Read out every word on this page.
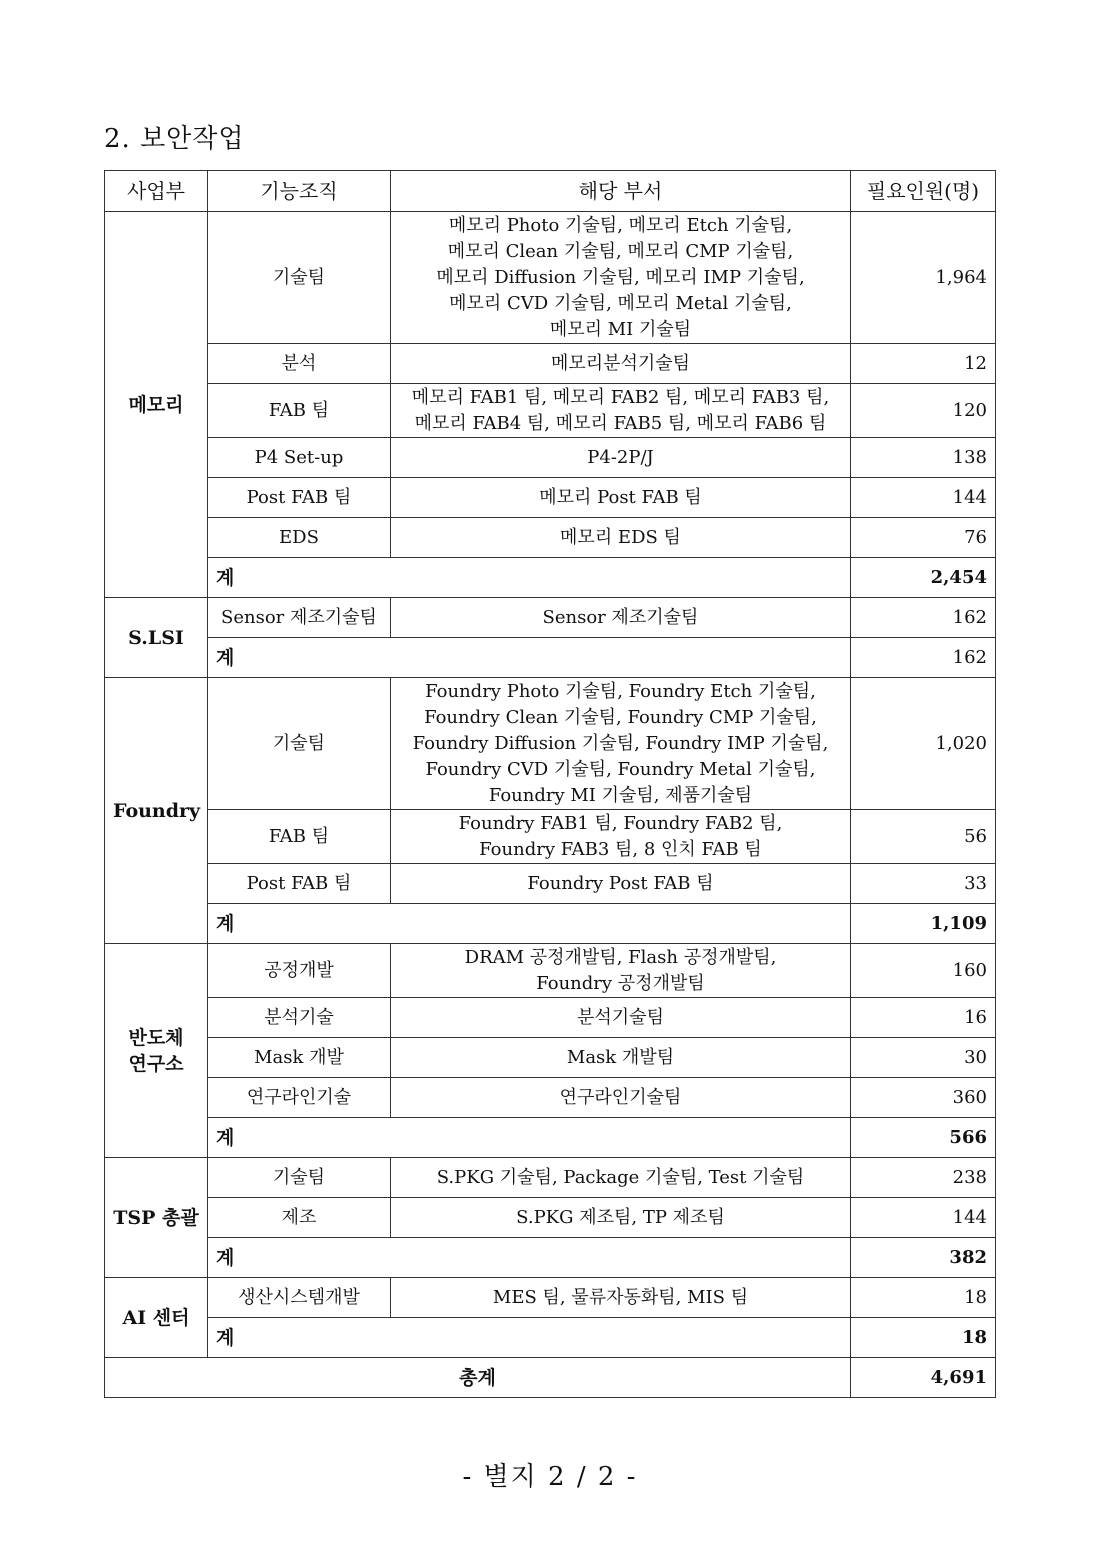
2. 보안작업
사업부	기능조직	해당 부서	필요인원(명)

메모리	기술팀	메모리 Photo 기술팀, 메모리 Etch 기술팀,
메모리 Clean 기술팀, 메모리 CMP 기술팀,
메모리 Diffusion 기술팀, 메모리 IMP 기술팀,
메모리 CVD 기술팀, 메모리 Metal 기술팀,
메모리 MI 기술팀	1,964
	분석	메모리분석기술팀	12
	FAB 팀	메모리 FAB1 팀, 메모리 FAB2 팀, 메모리 FAB3 팀,
메모리 FAB4 팀, 메모리 FAB5 팀, 메모리 FAB6 팀	120
	P4 Set-up	P4-2P/J	138
	Post FAB 팀	메모리 Post FAB 팀	144
	EDS	메모리 EDS 팀	76
	계		2,454

S.LSI	Sensor 제조기술팀	Sensor 제조기술팀	162
	계		162

Foundry	기술팀	Foundry Photo 기술팀, Foundry Etch 기술팀,
Foundry Clean 기술팀, Foundry CMP 기술팀,
Foundry Diffusion 기술팀, Foundry IMP 기술팀,
Foundry CVD 기술팀, Foundry Metal 기술팀,
Foundry MI 기술팀, 제품기술팀	1,020
	FAB 팀	Foundry FAB1 팀, Foundry FAB2 팀,
Foundry FAB3 팀, 8 인치 FAB 팀	56
	Post FAB 팀	Foundry Post FAB 팀	33
	계		1,109

반도체
연구소	공정개발	DRAM 공정개발팀, Flash 공정개발팀,
Foundry 공정개발팀	160
	분석기술	분석기술팀	16
	Mask 개발	Mask 개발팀	30
	연구라인기술	연구라인기술팀	360
	계		566

TSP 총괄	기술팀	S.PKG 기술팀, Package 기술팀, Test 기술팀	238
	제조	S.PKG 제조팀, TP 제조팀	144
	계		382

AI 센터	생산시스템개발	MES 팀, 물류자동화팀, MIS 팀	18
	계		18
총계			4,691
- 별지 2 / 2 -
